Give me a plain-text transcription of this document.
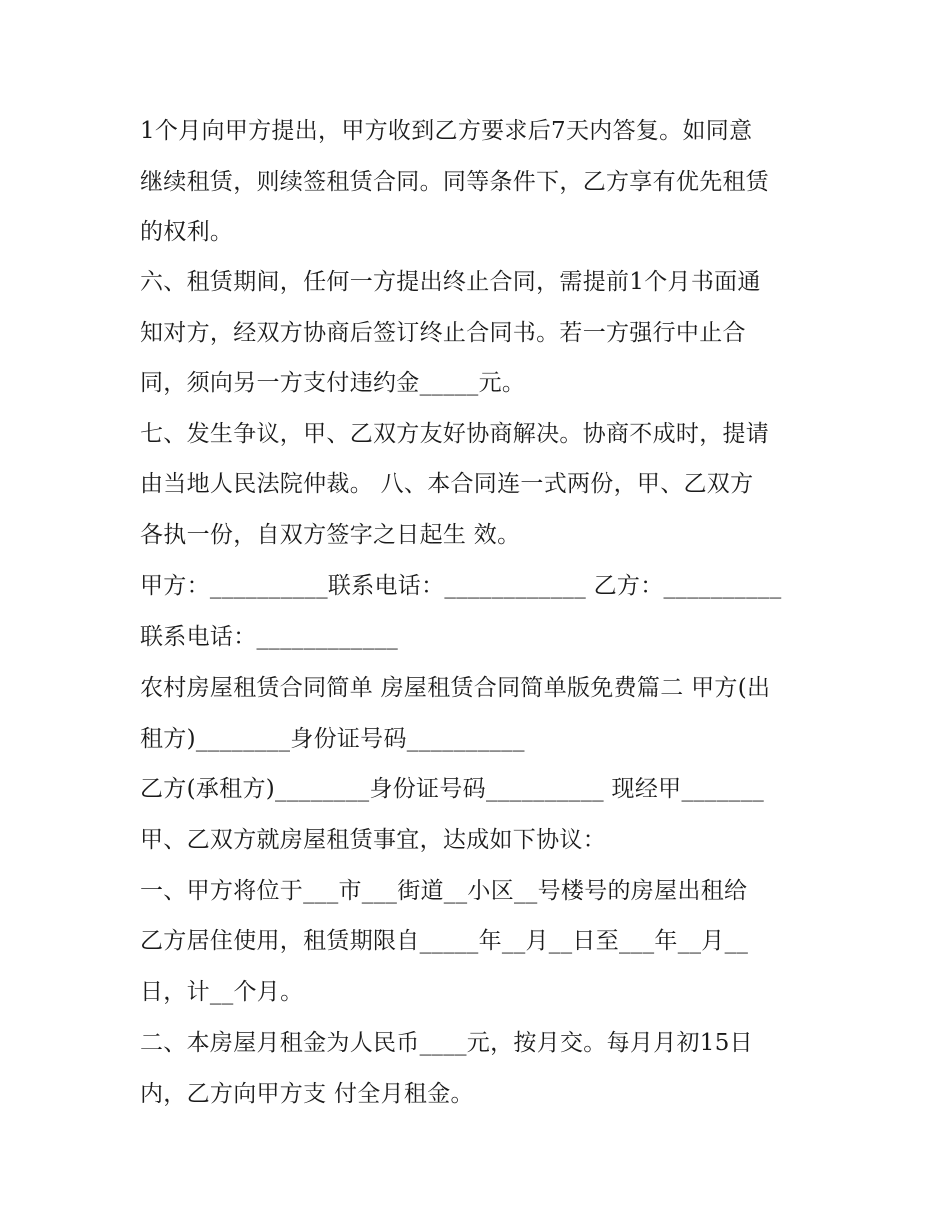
1个月向甲方提出，甲方收到乙方要求后7天内答复。如同意
继续租赁，则续签租赁合同。同等条件下，乙方享有优先租赁
的权利。
六、租赁期间，任何一方提出终止合同，需提前1个月书面通
知对方，经双方协商后签订终止合同书。若一方强行中止合
同，须向另一方支付违约金_____元。
七、发生争议，甲、乙双方友好协商解决。协商不成时，提请
由当地人民法院仲裁。 八、本合同连一式两份，甲、乙双方
各执一份，自双方签字之日起生 效。
甲方：__________联系电话：____________ 乙方：__________
联系电话：____________
农村房屋租赁合同简单 房屋租赁合同简单版免费篇二 甲方(出
租方)________身份证号码__________
乙方(承租方)________身份证号码__________ 现经甲_______
甲、乙双方就房屋租赁事宜，达成如下协议：
一、甲方将位于___市___街道__小区__号楼号的房屋出租给
乙方居住使用，租赁期限自_____年__月__日至___年__月__
日，计__个月。
二、本房屋月租金为人民币____元，按月交。每月月初15日
内，乙方向甲方支 付全月租金。
